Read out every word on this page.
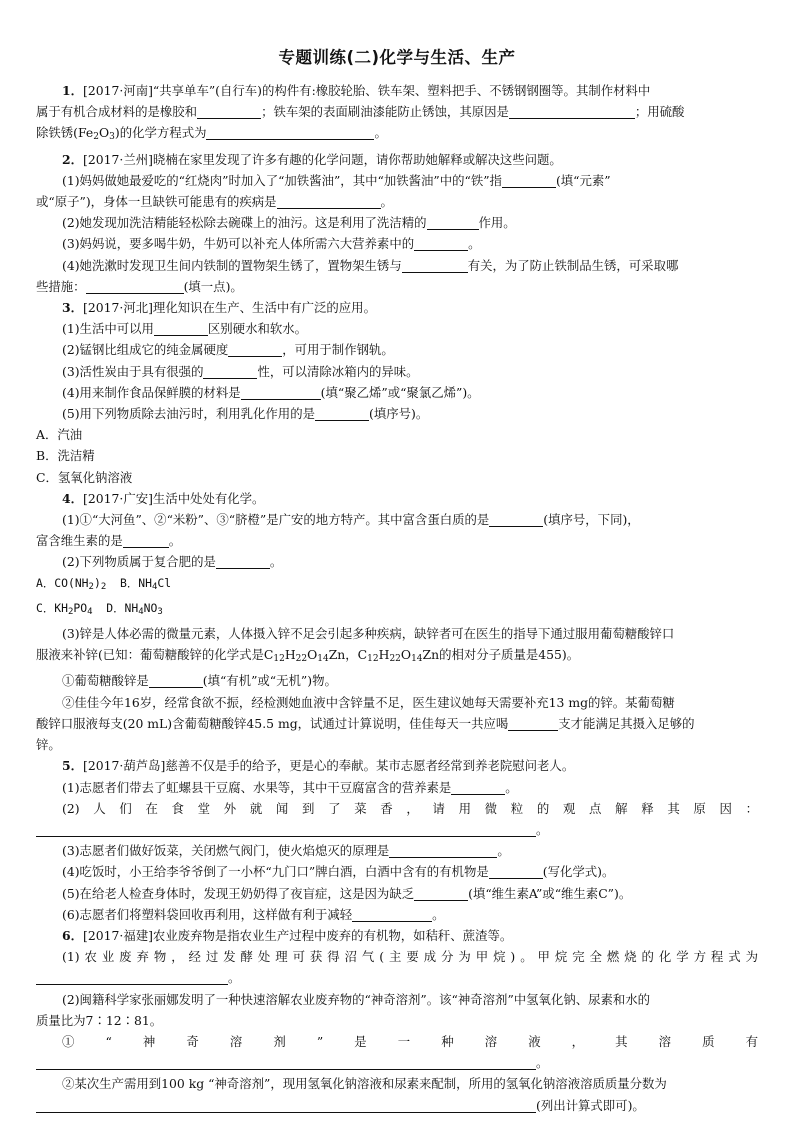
专题训练(二)化学与生活、生产
1．[2017·河南]“共享单车”(自行车)的构件有:橡胶轮胎、铁车架、塑料把手、不锈钢钢圈等。其制作材料中
属于有机合成材料的是橡胶和	；铁车架的表面刷油漆能防止锈蚀，其原因是	；用硫酸
除铁锈$(Fe_2O_3)$的化学方程式为	。
2．[2017·兰州]晓楠在家里发现了许多有趣的化学问题，请你帮助她解释或解决这些问题。
(1)妈妈做她最爱吃的“红烧肉”时加入了“加铁酱油”，其中“加铁酱油”中的“铁”指	(填“元素”
或“原子”)，身体一旦缺铁可能患有的疾病是	。
(2)她发现加洗洁精能轻松除去碗碟上的油污。这是利用了洗洁精的	作用。
(3)妈妈说，要多喝牛奶，牛奶可以补充人体所需六大营养素中的	。
(4)她洗漱时发现卫生间内铁制的置物架生锈了，置物架生锈与	有关，为了防止铁制品生锈，可采取哪
些措施：	(填一点)。
3．[2017·河北]理化知识在生产、生活中有广泛的应用。
(1)生活中可以用	区别硬水和软水。
(2)锰钢比组成它的纯金属硬度	，可用于制作钢轨。
(3)活性炭由于具有很强的	性，可以清除冰箱内的异味。
(4)用来制作食品保鲜膜的材料是	(填“聚乙烯”或“聚氯乙烯”)。
(5)用下列物质除去油污时，利用乳化作用的是	(填序号)。
A．汽油
B．洗洁精
C．氢氧化钠溶液
4．[2017·广安]生活中处处有化学。
(1)①“大河鱼”、②“米粉”、③“脐橙”是广安的地方特产。其中富含蛋白质的是	(填序号，下同)，
富含维生素的是	。
(2)下列物质属于复合肥的是	。
A．$CO(NH_2)_2$ B．$NH_4Cl$
C．$KH_2PO_4$ D．$NH_4NO_3$
(3)锌是人体必需的微量元素，人体摄入锌不足会引起多种疾病，缺锌者可在医生的指导下通过服用葡萄糖酸锌口
服液来补锌(已知：葡萄糖酸锌的化学式是$C_{12}H_{22}O_{14}Zn$，$C_{12}H_{22}O_{14}Zn$的相对分子质量是455)。
①葡萄糖酸锌是	(填“有机”或“无机”)物。
②佳佳今年16岁，经常食欲不振，经检测她血液中含锌量不足，医生建议她每天需要补充13 mg的锌。某葡萄糖
酸锌口服液每支(20 mL)含葡萄糖酸锌45.5 mg，试通过计算说明，佳佳每天一共应喝	支才能满足其摄入足够的
锌。
5．[2017·葫芦岛]慈善不仅是手的给予，更是心的奉献。某市志愿者经常到养老院慰问老人。
(1)志愿者们带去了虹螺县干豆腐、水果等，其中干豆腐富含的营养素是	。
(2)人们在食堂外就闻到了菜香，请用微粒的观点解释其原因：
。
(3)志愿者们做好饭菜，关闭燃气阀门，使火焰熄灭的原理是	。
(4)吃饭时，小王给李爷爷倒了一小杯“九门口”牌白酒，白酒中含有的有机物是	(写化学式)。
(5)在给老人检查身体时，发现王奶奶得了夜盲症，这是因为缺乏	(填“维生素A”或“维生素C”)。
(6)志愿者们将塑料袋回收再利用，这样做有利于减轻	。
6．[2017·福建]农业废弃物是指农业生产过程中废弃的有机物，如秸秆、蔗渣等。
(1)农业废弃物，经过发酵处理可获得沼气(主要成分为甲烷)。甲烷完全燃烧的化学方程式为
。
(2)闽籍科学家张丽娜发明了一种快速溶解农业废弃物的“神奇溶剂”。该“神奇溶剂”中氢氧化钠、尿素和水的
质量比为7∶12∶81。
①“神奇溶剂”是一种溶液，其溶质有
。
②某次生产需用到100 kg “神奇溶剂”，现用氢氧化钠溶液和尿素来配制，所用的氢氧化钠溶液溶质质量分数为
(列出计算式即可)。
